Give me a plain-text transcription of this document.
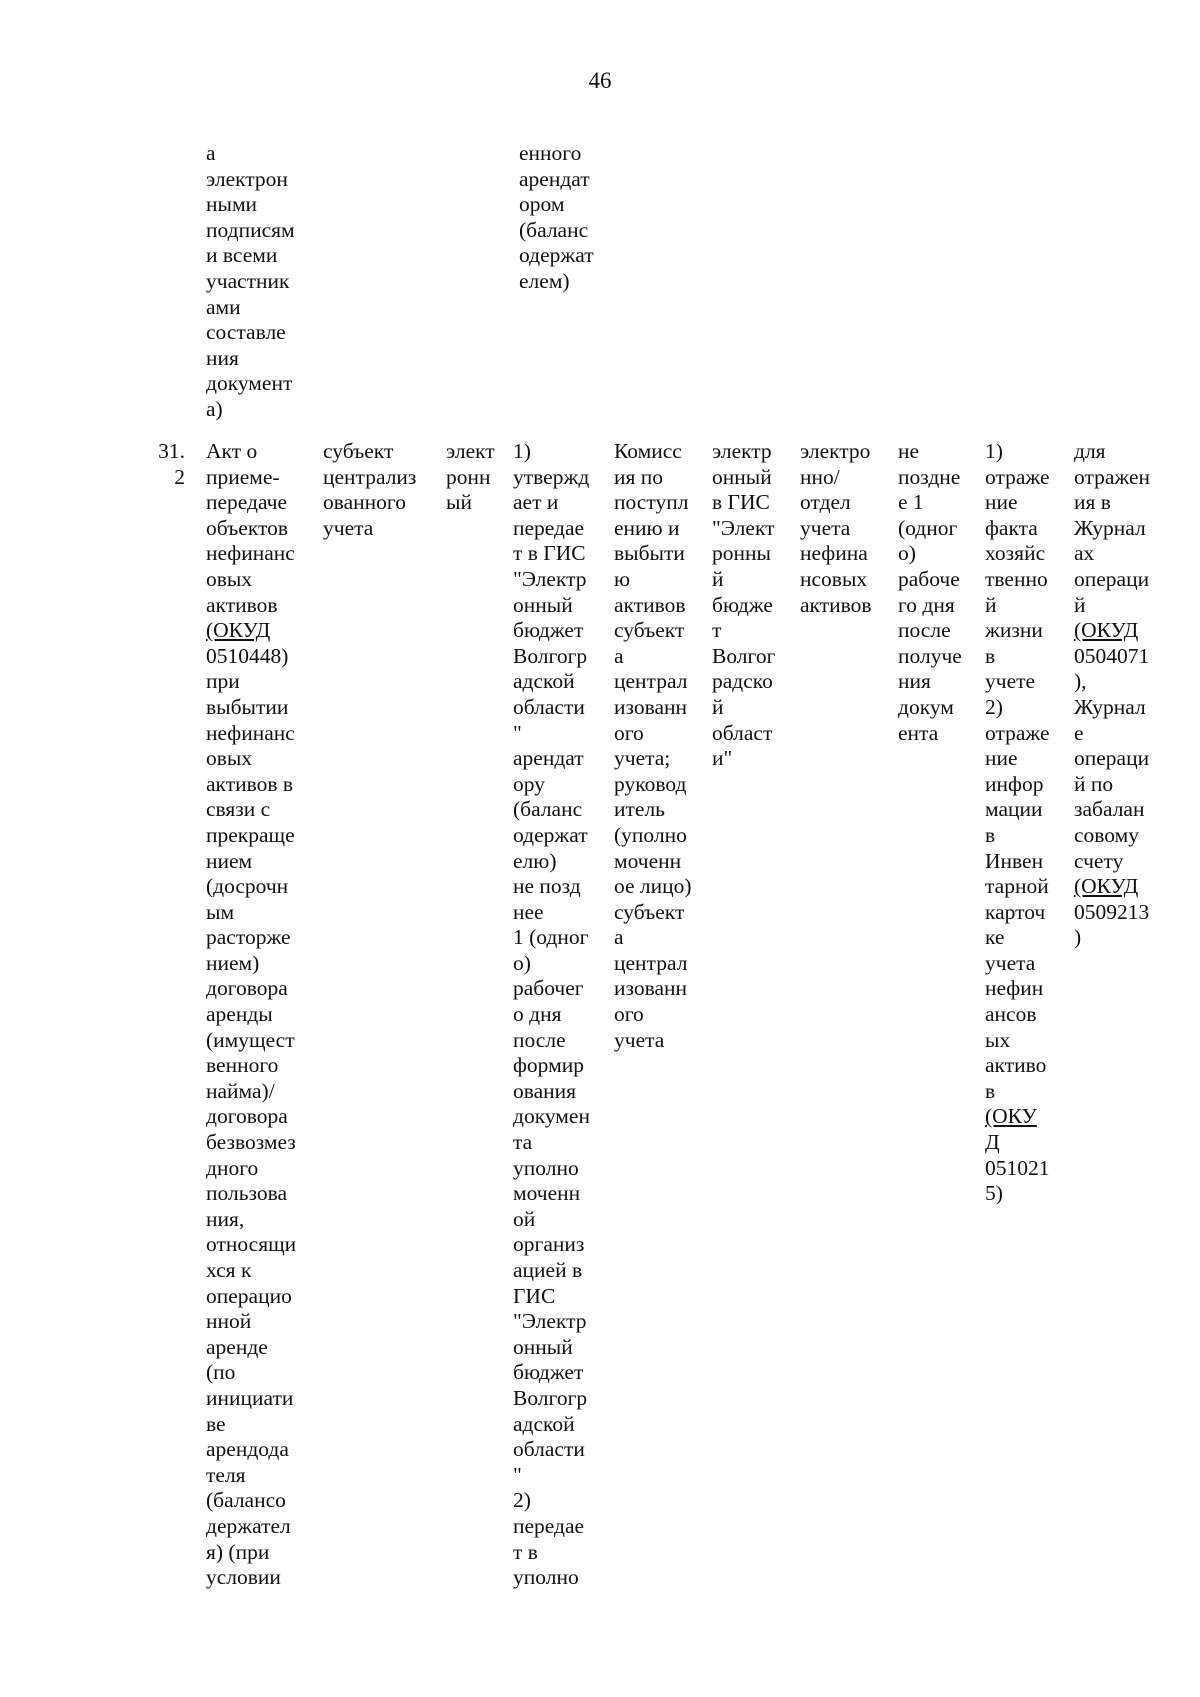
46
а
электрон
ными
подписям
и всеми
участник
ами
составле
ния
документ
а)
енного
арендат
ором
(баланс
одержат
елем)
31.
2
Акт о
приеме-
передаче
объектов
нефинанс
овых
активов
(ОКУД
0510448)
при
выбытии
нефинанс
овых
активов в
связи с
прекраще
нием
(досрочн
ым
расторже
нием)
договора
аренды
(имущест
венного
найма)/
договора
безвозмез
дного
пользова
ния,
относящи
хся к
операцио
нной
аренде
(по
инициати
ве
арендода
теля
(балансо
держател
я) (при
условии
субъект
централиз
ованного
учета
элект
ронн
ый
1)
утвержд
ает и
передае
т в ГИС
"Электр
онный
бюджет
Волгогр
адской
области
"
арендат
ору
(баланс
одержат
елю)
не позд
нее
1 (одног
о)
рабочег
о дня
после
формир
ования
докумен
та
уполно
моченн
ой
организ
ацией в
ГИС
"Электр
онный
бюджет
Волгогр
адской
области
"
2)
передае
т в
уполно
Комисс
ия по
поступл
ению и
выбыти
ю
активов
субъект
а
централ
изованн
ого
учета;
руковод
итель
(уполно
моченн
ое лицо)
субъект
а
централ
изованн
ого
учета
электр
онный
в ГИС
"Элект
ронны
й
бюдже
т
Волгог
радско
й
област
и"
электро
нно/
отдел
учета
нефина
нсовых
активов
не
поздне
е 1
(одног
о)
рабоче
го дня
после
получе
ния
докум
ента
1)
отраже
ние
факта
хозяйс
твенно
й
жизни
в
учете
2)
отраже
ние
инфор
мации
в
Инвен
тарной
карточ
ке
учета
нефин
ансов
ых
активо
в
(ОКУ
Д
051021
5)
для
отражен
ия в
Журнал
ах
операци
й
(ОКУД
0504071
),
Журнал
е
операци
й по
забалан
совому
счету
(ОКУД
0509213
)
